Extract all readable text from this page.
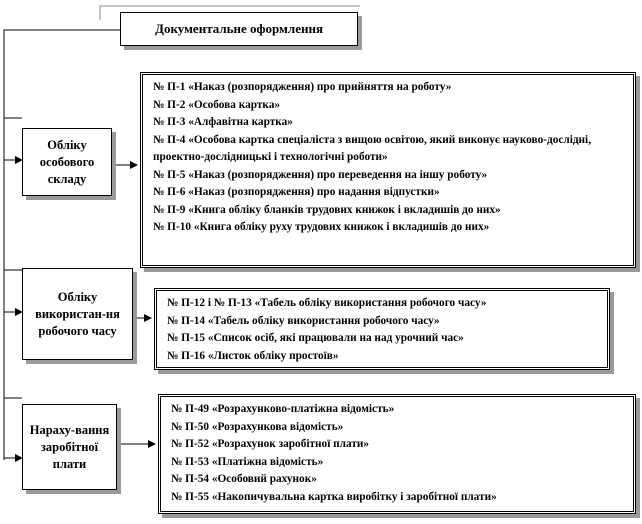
Документальне оформлення
Обліку особового складу
№ П-1 «Наказ (розпорядження) про прийняття на роботу»
№ П-2 «Особова картка»
№ П-3 «Алфавітна картка»
№ П-4 «Особова картка спеціаліста з вищою освітою, який виконує науково-дослідні, проектно-дослідницькі і технологічні роботи»
№ П-5 «Наказ (розпорядження) про переведення на іншу роботу»
№ П-6 «Наказ (розпорядження) про надання відпустки»
№ П-9 «Книга обліку бланків трудових книжок і вкладишів до них»
№ П-10 «Книга обліку руху трудових книжок і вкладишів до них»
Обліку використан-ня робочого часу
№ П-12 і № П-13 «Табель обліку використання робочого часу»
№ П-14 «Табель обліку використання робочого часу»
№ П-15 «Список осіб, які працювали на над урочний час»
№ П-16 «Листок обліку простоїв»
Нараху-вання заробітної плати
№ П-49 «Розрахунково-платіжна відомість»
№ П-50 «Розрахункова відомість»
№ П-52 «Розрахунок заробітної плати»
№ П-53 «Платіжна відомість»
№ П-54 «Особовий рахунок»
№ П-55 «Накопичувальна картка виробітку і заробітної плати»
